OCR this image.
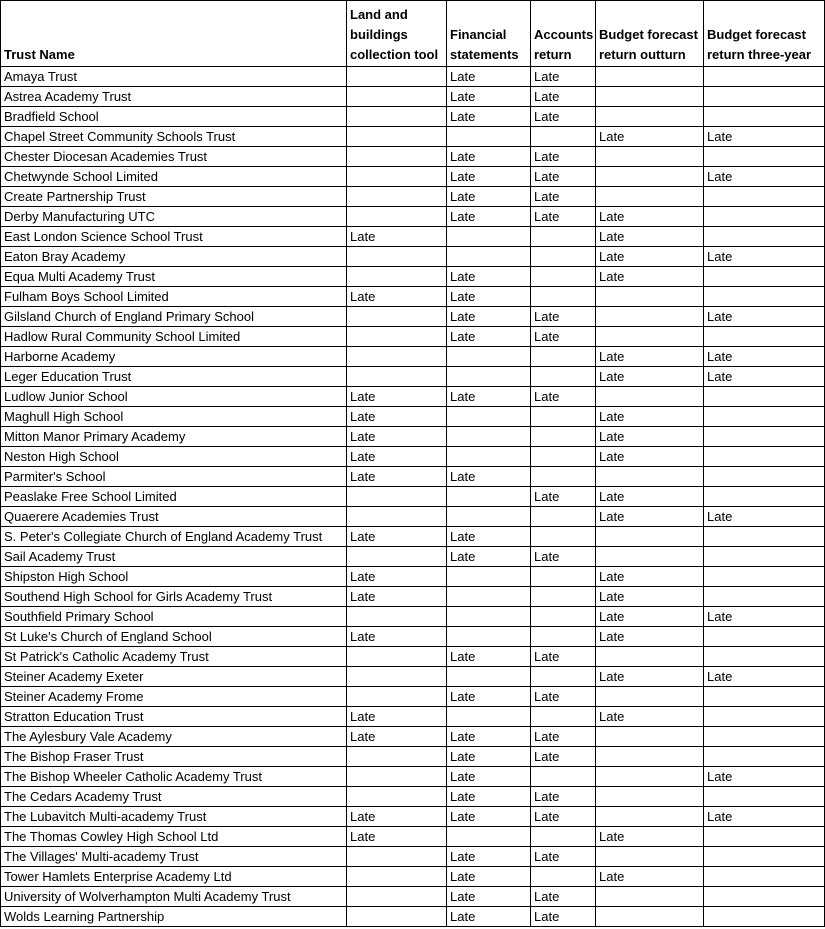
Trust Name	Land and buildings collection tool	Financial statements	Accounts return	Budget forecast return outturn	Budget forecast return three-year
Amaya Trust		Late	Late		
Astrea Academy Trust		Late	Late		
Bradfield School		Late	Late		
Chapel Street Community Schools Trust				Late	Late
Chester Diocesan Academies Trust		Late	Late		
Chetwynde School Limited		Late	Late		Late
Create Partnership Trust		Late	Late		
Derby Manufacturing UTC		Late	Late	Late	
East London Science School Trust	Late			Late	
Eaton Bray Academy				Late	Late
Equa Multi Academy Trust		Late		Late	
Fulham Boys School Limited	Late	Late			
Gilsland Church of England Primary School		Late	Late		Late
Hadlow Rural Community School Limited		Late	Late		
Harborne Academy				Late	Late
Leger Education Trust				Late	Late
Ludlow Junior School	Late	Late	Late		
Maghull High School	Late			Late	
Mitton Manor Primary Academy	Late			Late	
Neston High School	Late			Late	
Parmiter's School	Late	Late			
Peaslake Free School Limited			Late	Late	
Quaerere Academies Trust				Late	Late
S. Peter's Collegiate Church of England Academy Trust	Late	Late			
Sail Academy Trust		Late	Late		
Shipston High School	Late			Late	
Southend High School for Girls Academy Trust	Late			Late	
Southfield Primary School				Late	Late
St Luke's Church of England School	Late			Late	
St Patrick's Catholic Academy Trust		Late	Late		
Steiner Academy Exeter				Late	Late
Steiner Academy Frome		Late	Late		
Stratton Education Trust	Late			Late	
The Aylesbury Vale Academy	Late	Late	Late		
The Bishop Fraser Trust		Late	Late		
The Bishop Wheeler Catholic Academy Trust		Late			Late
The Cedars Academy Trust		Late	Late		
The Lubavitch Multi-academy Trust	Late	Late	Late		Late
The Thomas Cowley High School Ltd	Late			Late	
The Villages' Multi-academy Trust		Late	Late		
Tower Hamlets Enterprise Academy Ltd		Late		Late	
University of Wolverhampton Multi Academy Trust		Late	Late		
Wolds Learning Partnership		Late	Late		
